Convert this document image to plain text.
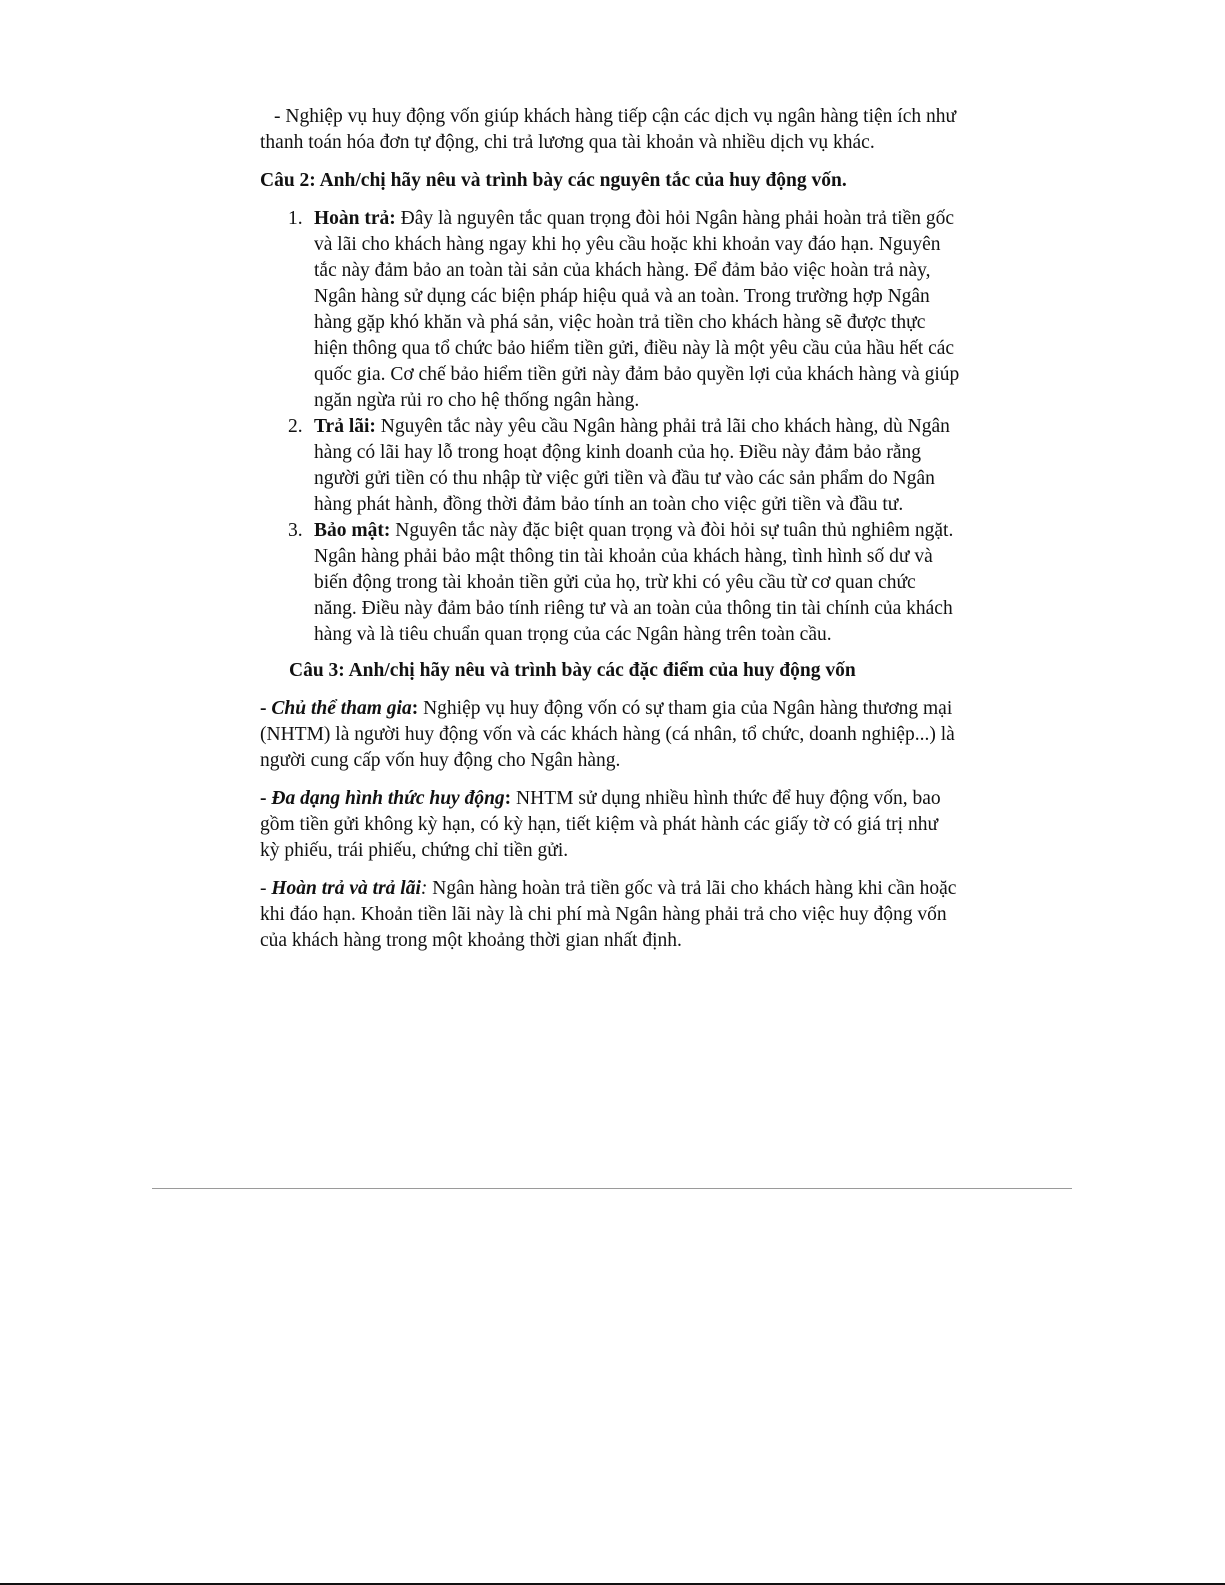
- Nghiệp vụ huy động vốn giúp khách hàng tiếp cận các dịch vụ ngân hàng tiện ích như thanh toán hóa đơn tự động, chi trả lương qua tài khoản và nhiều dịch vụ khác.

Câu 2: Anh/chị hãy nêu và trình bày các nguyên tắc của huy động vốn.

1. Hoàn trả: Đây là nguyên tắc quan trọng đòi hỏi Ngân hàng phải hoàn trả tiền gốc và lãi cho khách hàng ngay khi họ yêu cầu hoặc khi khoản vay đáo hạn. Nguyên tắc này đảm bảo an toàn tài sản của khách hàng. Để đảm bảo việc hoàn trả này, Ngân hàng sử dụng các biện pháp hiệu quả và an toàn. Trong trường hợp Ngân hàng gặp khó khăn và phá sản, việc hoàn trả tiền cho khách hàng sẽ được thực hiện thông qua tổ chức bảo hiểm tiền gửi, điều này là một yêu cầu của hầu hết các quốc gia. Cơ chế bảo hiểm tiền gửi này đảm bảo quyền lợi của khách hàng và giúp ngăn ngừa rủi ro cho hệ thống ngân hàng.
2. Trả lãi: Nguyên tắc này yêu cầu Ngân hàng phải trả lãi cho khách hàng, dù Ngân hàng có lãi hay lỗ trong hoạt động kinh doanh của họ. Điều này đảm bảo rằng người gửi tiền có thu nhập từ việc gửi tiền và đầu tư vào các sản phẩm do Ngân hàng phát hành, đồng thời đảm bảo tính an toàn cho việc gửi tiền và đầu tư.
3. Bảo mật: Nguyên tắc này đặc biệt quan trọng và đòi hỏi sự tuân thủ nghiêm ngặt. Ngân hàng phải bảo mật thông tin tài khoản của khách hàng, tình hình số dư và biến động trong tài khoản tiền gửi của họ, trừ khi có yêu cầu từ cơ quan chức năng. Điều này đảm bảo tính riêng tư và an toàn của thông tin tài chính của khách hàng và là tiêu chuẩn quan trọng của các Ngân hàng trên toàn cầu.

Câu 3: Anh/chị hãy nêu và trình bày các đặc điểm của huy động vốn

- Chủ thể tham gia: Nghiệp vụ huy động vốn có sự tham gia của Ngân hàng thương mại (NHTM) là người huy động vốn và các khách hàng (cá nhân, tổ chức, doanh nghiệp...) là người cung cấp vốn huy động cho Ngân hàng.

- Đa dạng hình thức huy động: NHTM sử dụng nhiều hình thức để huy động vốn, bao gồm tiền gửi không kỳ hạn, có kỳ hạn, tiết kiệm và phát hành các giấy tờ có giá trị như kỳ phiếu, trái phiếu, chứng chỉ tiền gửi.

- Hoàn trả và trả lãi: Ngân hàng hoàn trả tiền gốc và trả lãi cho khách hàng khi cần hoặc khi đáo hạn. Khoản tiền lãi này là chi phí mà Ngân hàng phải trả cho việc huy động vốn của khách hàng trong một khoảng thời gian nhất định.
